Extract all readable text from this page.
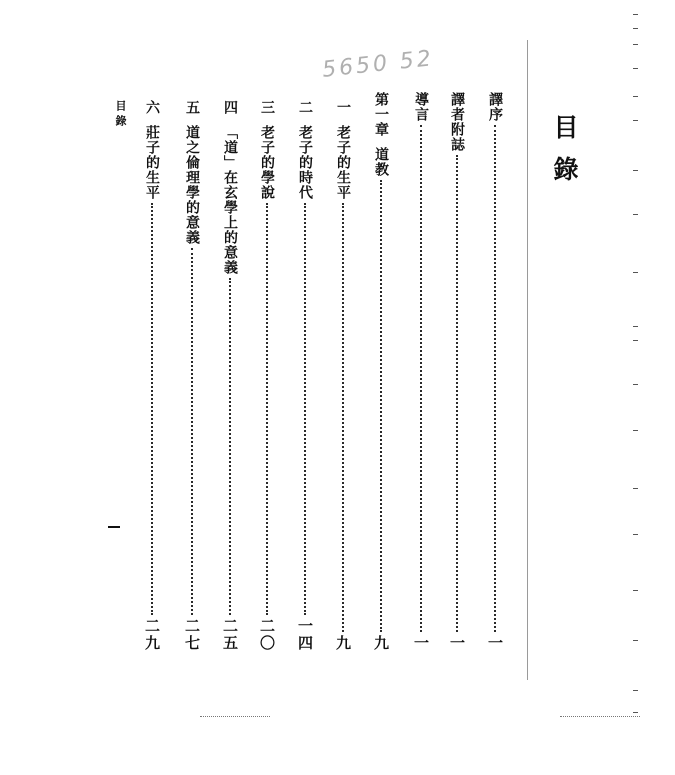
5650 52
目
錄
譯序
一
譯者附誌
一
導言
一
第一章
道教
九
一
老子的生平
九
二
老子的時代
一四
三
老子的學說
二〇
四
「道」在玄學上的意義
二五
五
道之倫理學的意義
二七
六
莊子的生平
二九
目錄
